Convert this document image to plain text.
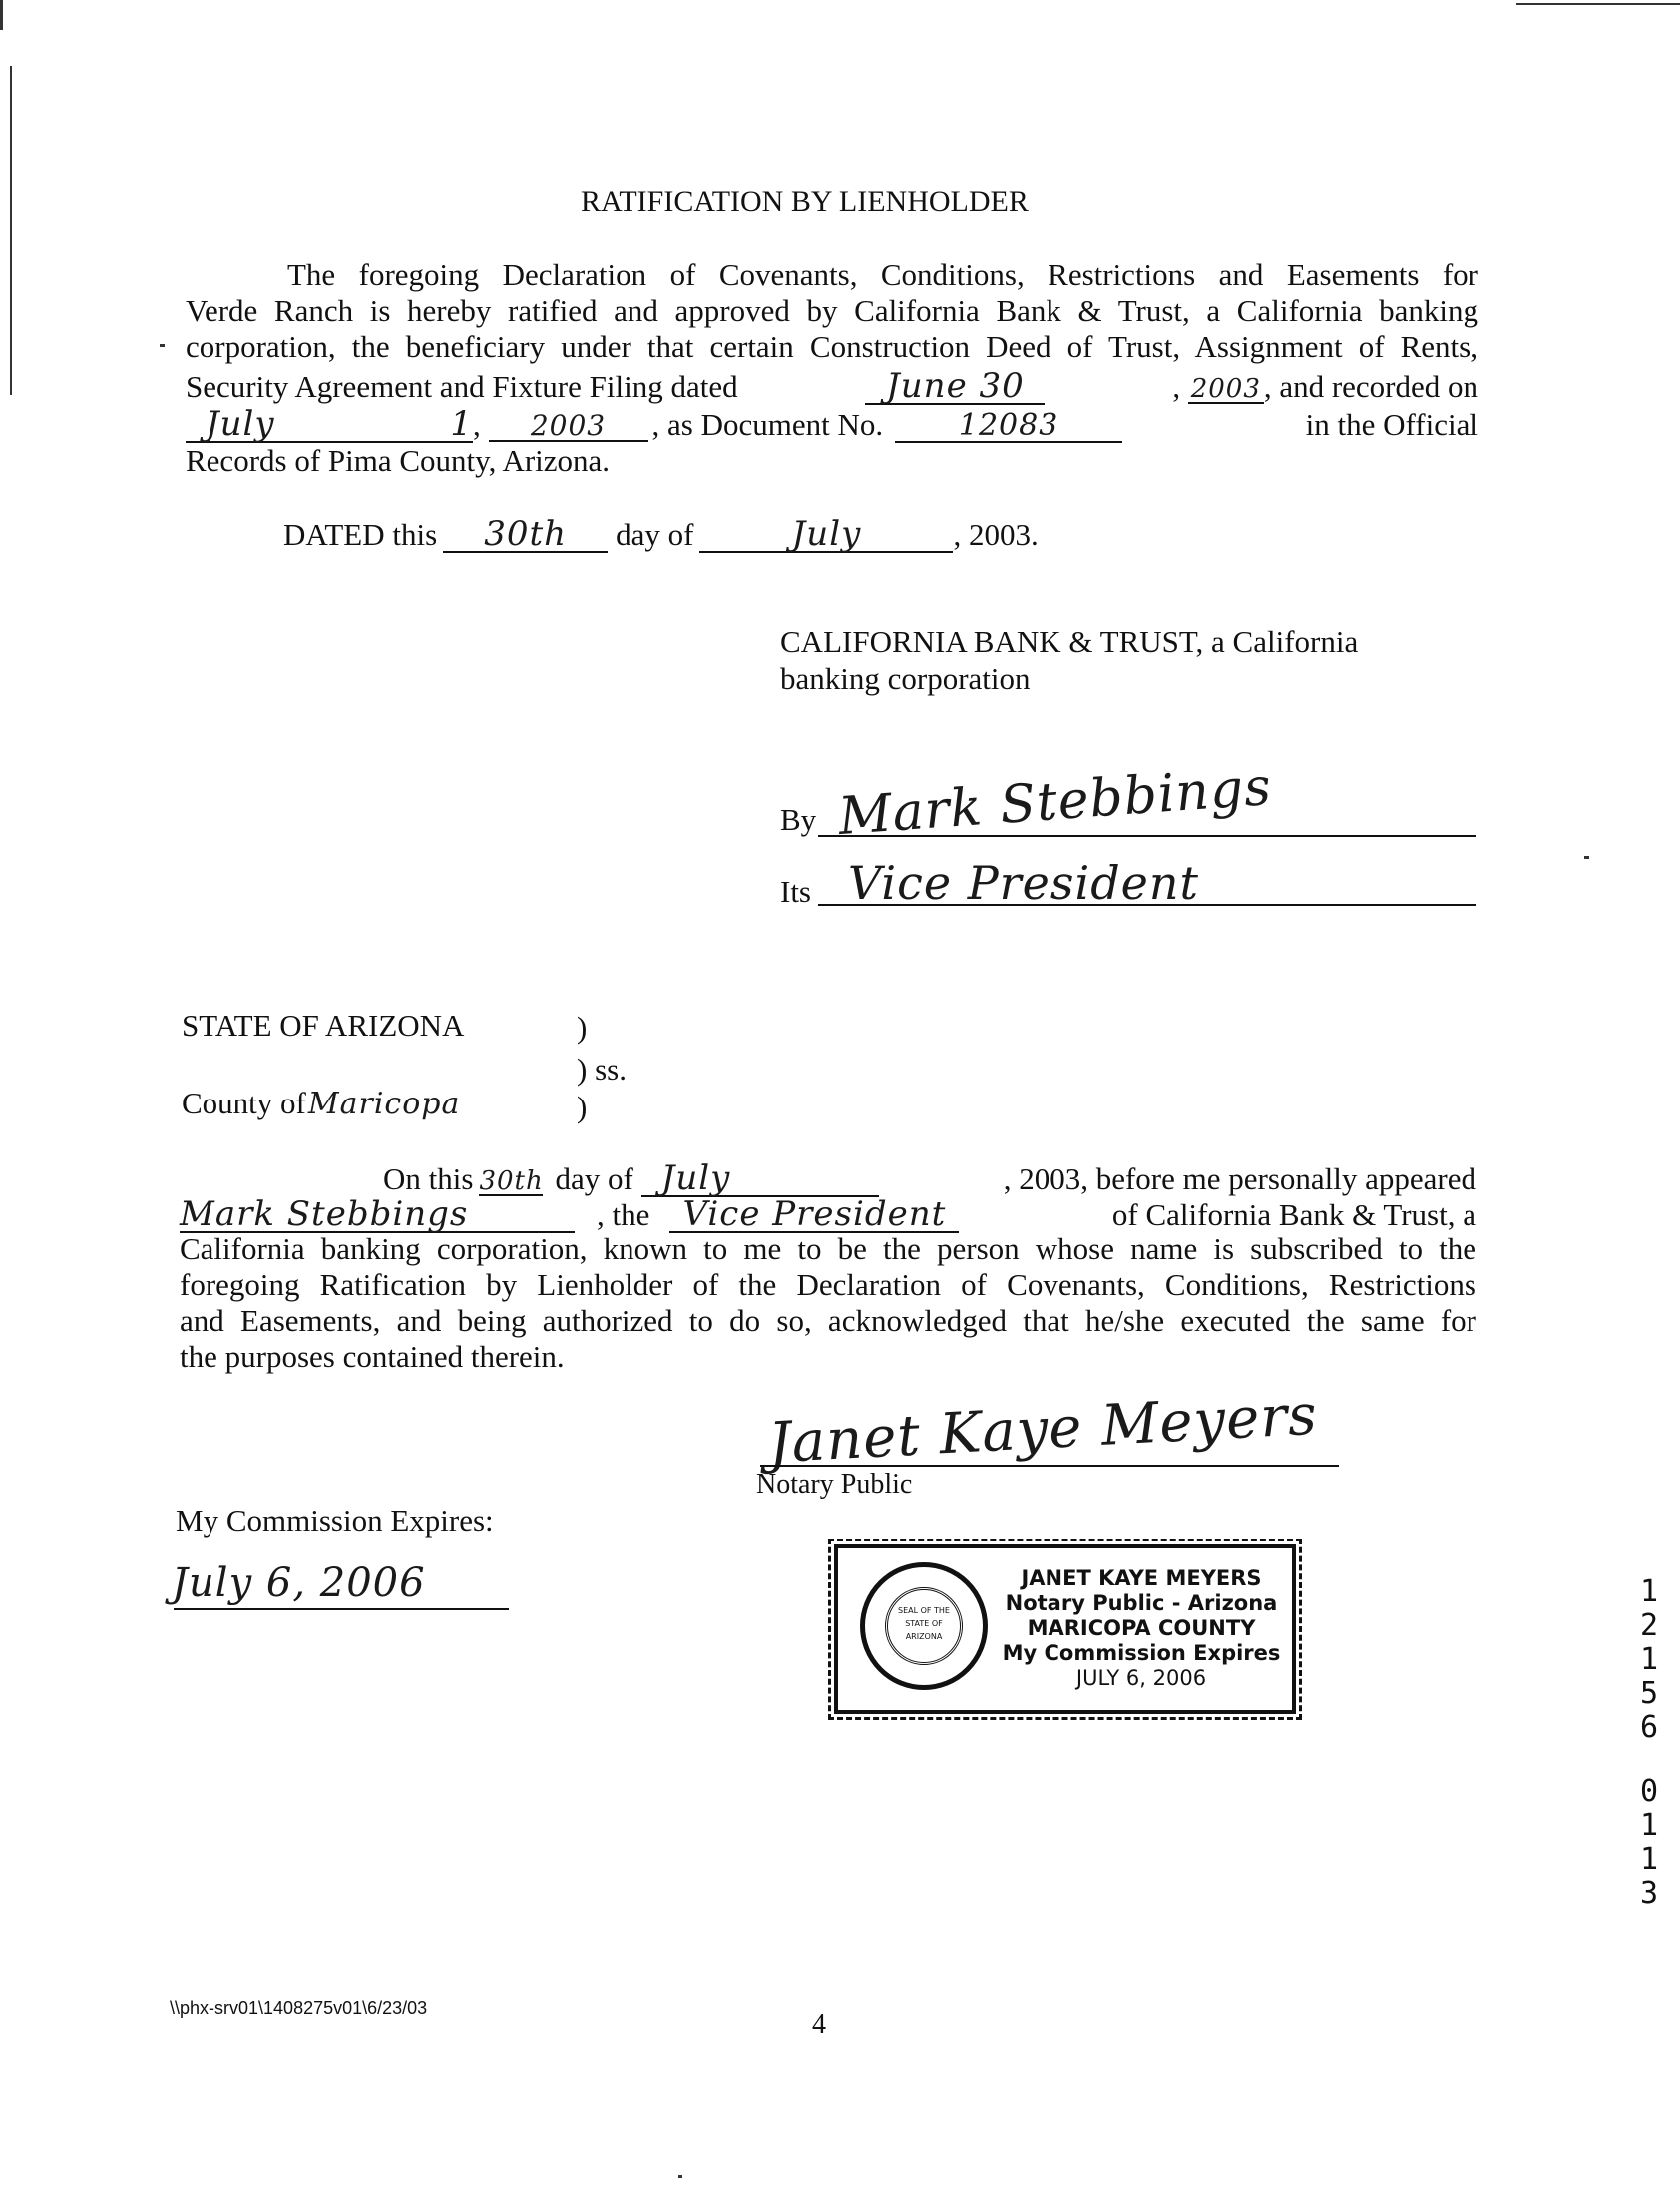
RATIFICATION BY LIENHOLDER
The foregoing Declaration of Covenants, Conditions, Restrictions and Easements for
Verde Ranch is hereby ratified and approved by California Bank & Trust, a California banking
corporation, the beneficiary under that certain Construction Deed of Trust, Assignment of Rents,
Security Agreement and Fixture Filing dated	June 30	, 2003, and recorded on
July	1 ,	2003	, as Document No.	12083	in the Official
Records of Pima County, Arizona.
DATED this	30th	day of	July	, 2003.
CALIFORNIA BANK & TRUST, a California
banking corporation
By Mark Stebbings
Its Vice President
STATE OF ARIZONA	)
) ss.
County of Maricopa	)
On this 30th day of July	, 2003, before me personally appeared
Mark Stebbings	, the Vice President	of California Bank & Trust, a
California banking corporation, known to me to be the person whose name is subscribed to the
foregoing Ratification by Lienholder of the Declaration of Covenants, Conditions, Restrictions
and Easements, and being authorized to do so, acknowledged that he/she executed the same for
the purposes contained therein.
Janet Kaye Meyers
Notary Public
My Commission Expires:
July 6, 2006
SEAL OF THE STATE OF ARIZONA
JANET KAYE MEYERS
Notary Public - Arizona
MARICOPA COUNTY
My Commission Expires
JULY 6, 2006
1
2
1
5
6
0
1
1
3
\\phx-srv01\1408275v01\6/23/03
4
